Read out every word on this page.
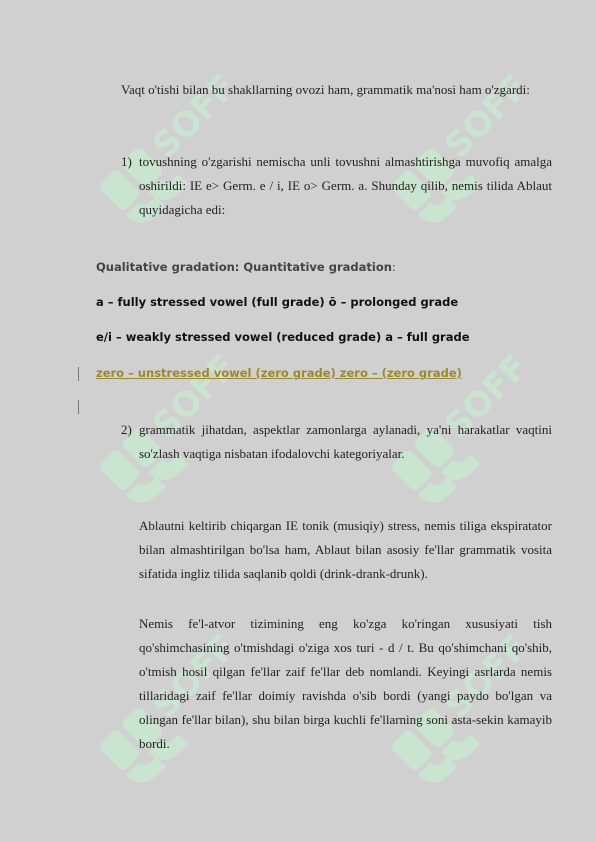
SOFF	SOFF
SOFF	SOFF
SOFF	SOFF
Vaqt o'tishi bilan bu shakllarning ovozi ham, grammatik ma'nosi ham o'zgardi:
1) tovushning o'zgarishi nemischa unli tovushni almashtirishga muvofiq amalga oshirildi: IE e> Germ. e / i, IE o> Germ. a. Shunday qilib, nemis tilida Ablaut quyidagicha edi:
Qualitative gradation: Quantitative gradation:
a – fully stressed vowel (full grade) ō – prolonged grade
e/i – weakly stressed vowel (reduced grade) a – full grade
zero – unstressed vowel (zero grade) zero – (zero grade)
2) grammatik jihatdan, aspektlar zamonlarga aylanadi, ya'ni harakatlar vaqtini so'zlash vaqtiga nisbatan ifodalovchi kategoriyalar.
Ablautni keltirib chiqargan IE tonik (musiqiy) stress, nemis tiliga ekspiratator bilan almashtirilgan bo'lsa ham, Ablaut bilan asosiy fe'llar grammatik vosita sifatida ingliz tilida saqlanib qoldi (drink-drank-drunk).
Nemis fe'l-atvor tizimining eng ko'zga ko'ringan xususiyati tish qo'shimchasining o'tmishdagi o'ziga xos turi - d / t. Bu qo'shimchani qo'shib, o'tmish hosil qilgan fe'llar zaif fe'llar deb nomlandi. Keyingi asrlarda nemis tillaridagi zaif fe'llar doimiy ravishda o'sib bordi (yangi paydo bo'lgan va olingan fe'llar bilan), shu bilan birga kuchli fe'llarning soni asta-sekin kamayib bordi.
